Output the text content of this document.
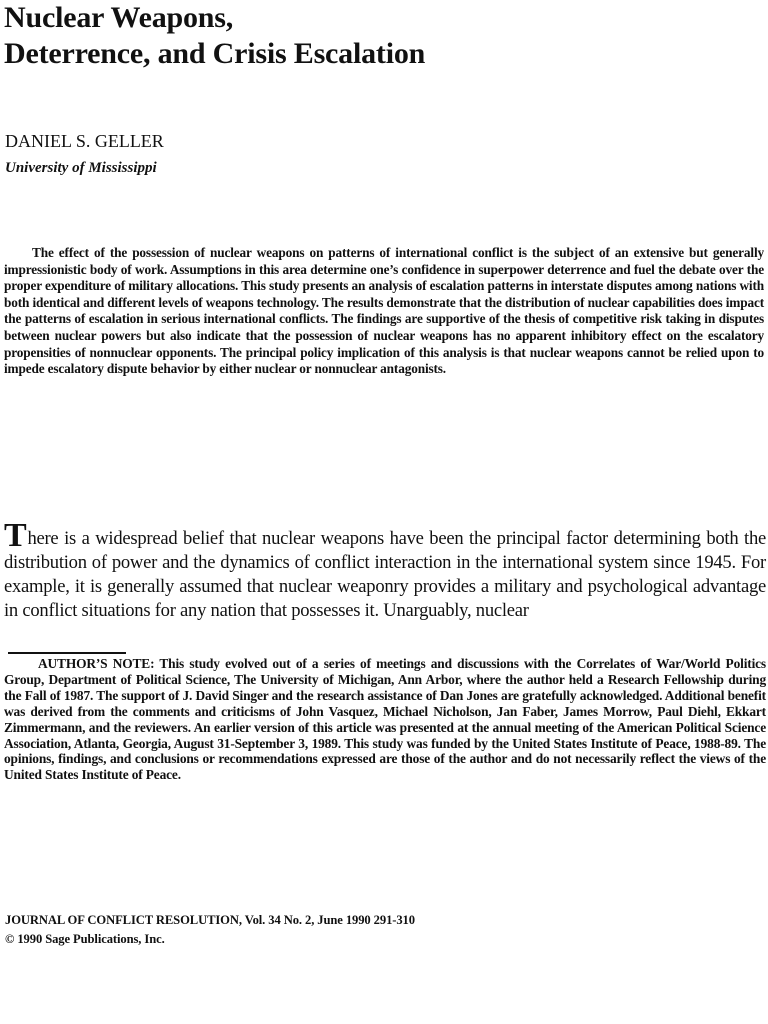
Nuclear Weapons,
Deterrence, and Crisis Escalation
DANIEL S. GELLER
University of Mississippi

The effect of the possession of nuclear weapons on patterns of international conflict is the subject of an extensive but generally impressionistic body of work. Assumptions in this area determine one’s confidence in superpower deterrence and fuel the debate over the proper expenditure of military allocations. This study presents an analysis of escalation patterns in interstate disputes among nations with both identical and different levels of weapons technology. The results demonstrate that the distribution of nuclear capabilities does impact the patterns of escalation in serious international conflicts. The findings are supportive of the thesis of competitive risk taking in disputes between nuclear powers but also indicate that the possession of nuclear weapons has no apparent inhibitory effect on the escalatory propensities of nonnuclear opponents. The principal policy implication of this analysis is that nuclear weapons cannot be relied upon to impede escalatory dispute behavior by either nuclear or nonnuclear antagonists.

There is a widespread belief that nuclear weapons have been the principal factor determining both the distribution of power and the dynamics of conflict interaction in the international system since 1945. For example, it is generally assumed that nuclear weaponry provides a military and psychological advantage in conflict situations for any nation that possesses it. Unarguably, nuclear

AUTHOR’S NOTE: This study evolved out of a series of meetings and discussions with the Correlates of War/World Politics Group, Department of Political Science, The University of Michigan, Ann Arbor, where the author held a Research Fellowship during the Fall of 1987. The support of J. David Singer and the research assistance of Dan Jones are gratefully acknowledged. Additional benefit was derived from the comments and criticisms of John Vasquez, Michael Nicholson, Jan Faber, James Morrow, Paul Diehl, Ekkart Zimmermann, and the reviewers. An earlier version of this article was presented at the annual meeting of the American Political Science Association, Atlanta, Georgia, August 31-September 3, 1989. This study was funded by the United States Institute of Peace, 1988-89. The opinions, findings, and conclusions or recommendations expressed are those of the author and do not necessarily reflect the views of the United States Institute of Peace.

JOURNAL OF CONFLICT RESOLUTION, Vol. 34 No. 2, June 1990 291-310
© 1990 Sage Publications, Inc.
